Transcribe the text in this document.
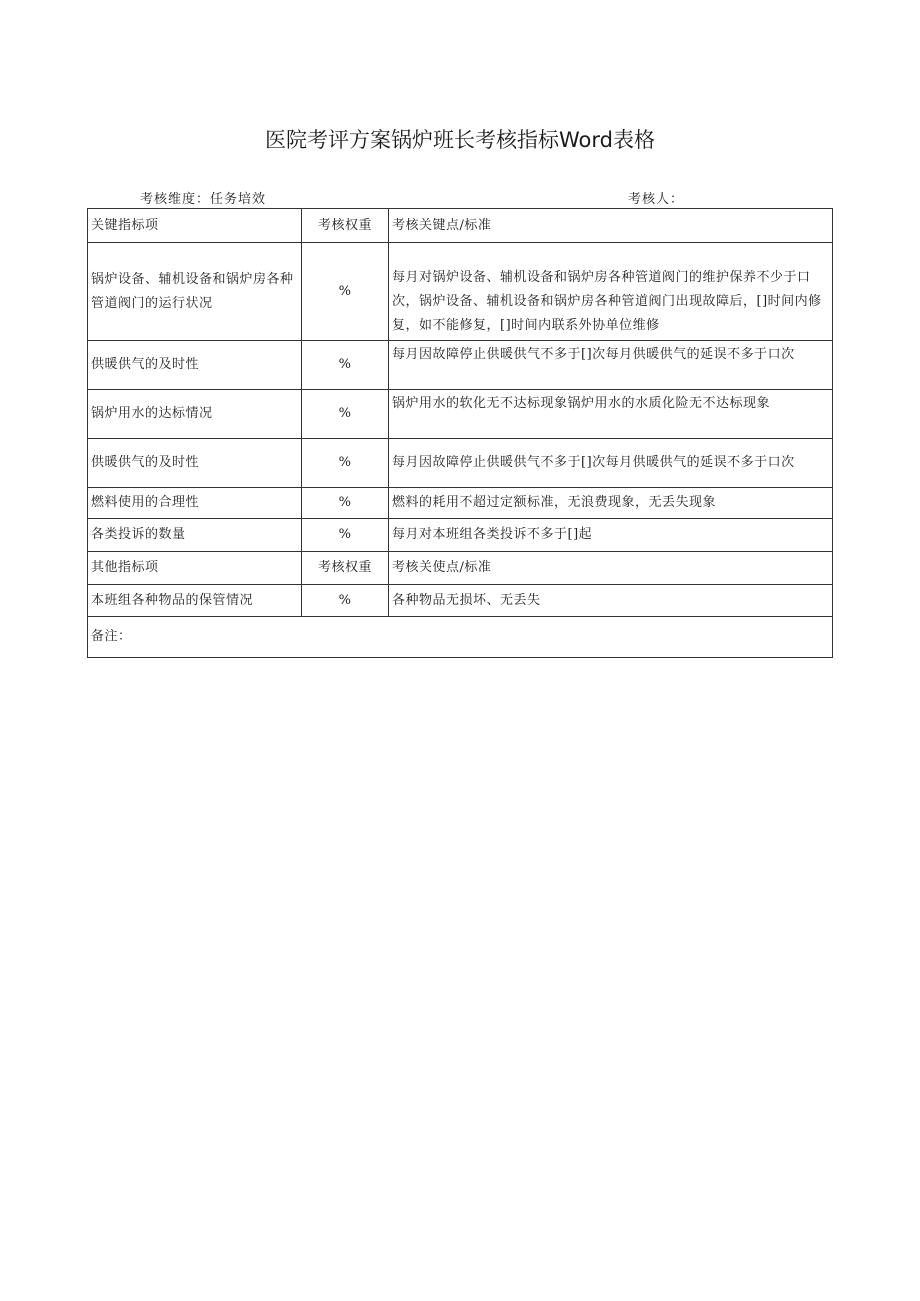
医院考评方案锅炉班长考核指标Word表格
考核维度：任务培效	考核人：
关键指标项	考核权重	考核关键点/标准
锅炉设备、辅机设备和锅炉房各种管道阀门的运行状况	%	每月对锅炉设备、辅机设备和锅炉房各种管道阀门的维护保养不少于口次，锅炉设备、辅机设备和锅炉房各种管道阀门出现故障后，[]时间内修复，如不能修复，[]时间内联系外协单位维修
供暖供气的及时性	%	每月因故障停止供暖供气不多于[]次每月供暖供气的延误不多于口次
锅炉用水的达标情况	%	锅炉用水的软化无不达标现象锅炉用水的水质化险无不达标现象
供暖供气的及时性	%	每月因故障停止供暖供气不多于[]次每月供暖供气的延误不多于口次
燃料使用的合理性	%	燃料的耗用不超过定额标准，无浪费现象，无丢失现象
各类投诉的数量	%	每月对本班组各类投诉不多于[]起
其他指标项	考核权重	考核关使点/标准
本班组各种物品的保管情况	%	各种物品无损坏、无丢失
备注：		
